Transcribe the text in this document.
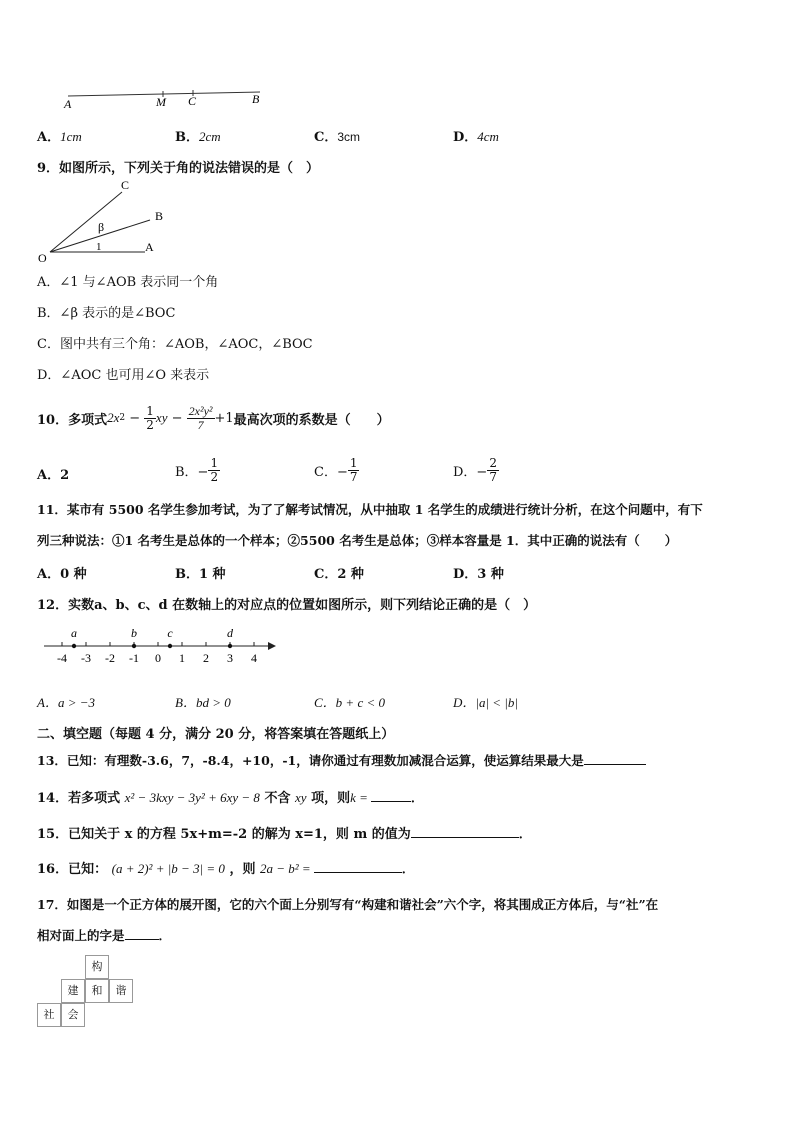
A	M C	B
A．1cm	B．2cm	C．3cm	D．4cm
9．如图所示，下列关于角的说法错误的是（　）
C
B
O
A
β
1
A．∠1 与∠AOB 表示同一个角
B．∠β 表示的是∠BOC
C．图中共有三个角：∠AOB，∠AOC，∠BOC
D．∠AOC 也可用∠O 来表示
10．多项式 2x $2 - \frac{1}{2}$ xy − $\frac{\text{2x²y²}}{7} +1$ 最高次项的系数是（　　）
A．2	B．− $\frac{1}{2}$	C．− $\frac{1}{7}$	D．− $\frac{2}{7}$
11．某市有 5500 名学生参加考试，为了了解考试情况，从中抽取 1 名学生的成绩进行统计分析，在这个问题中，有下
列三种说法：①1 名考生是总体的一个样本；②5500 名考生是总体；③样本容量是 1．其中正确的说法有（　　）
A．0 种	B．1 种	C．2 种	D．3 种
12．实数a、b、c、d 在数轴上的对应点的位置如图所示，则下列结论正确的是（　）
-4 -3 -2 -1 0 1 2 3 4
a	b	c	d
A．a > −3	B．bd > 0	C．b + c < 0	D．|a| < |b|
二、填空题（每题 4 分，满分 20 分，将答案填在答题纸上）
13．已知：有理数-3.6，7，-8.4，+10，-1，请你通过有理数加减混合运算，使运算结果最大是
14．若多项式 x² − 3kxy − 3y² + 6xy − 8 不含 xy 项，则k =	．
15．已知关于 x 的方程 5x+m=-2 的解为 x=1，则 m 的值为	．
16．已知： (a + 2)² + |b − 3| = 0 ，则 2a − b² =	．
17．如图是一个正方体的展开图，它的六个面上分别写有“构建和谐社会”六个字，将其围成正方体后，与“社”在
相对面上的字是	．
构
建	和	谐
社	会
